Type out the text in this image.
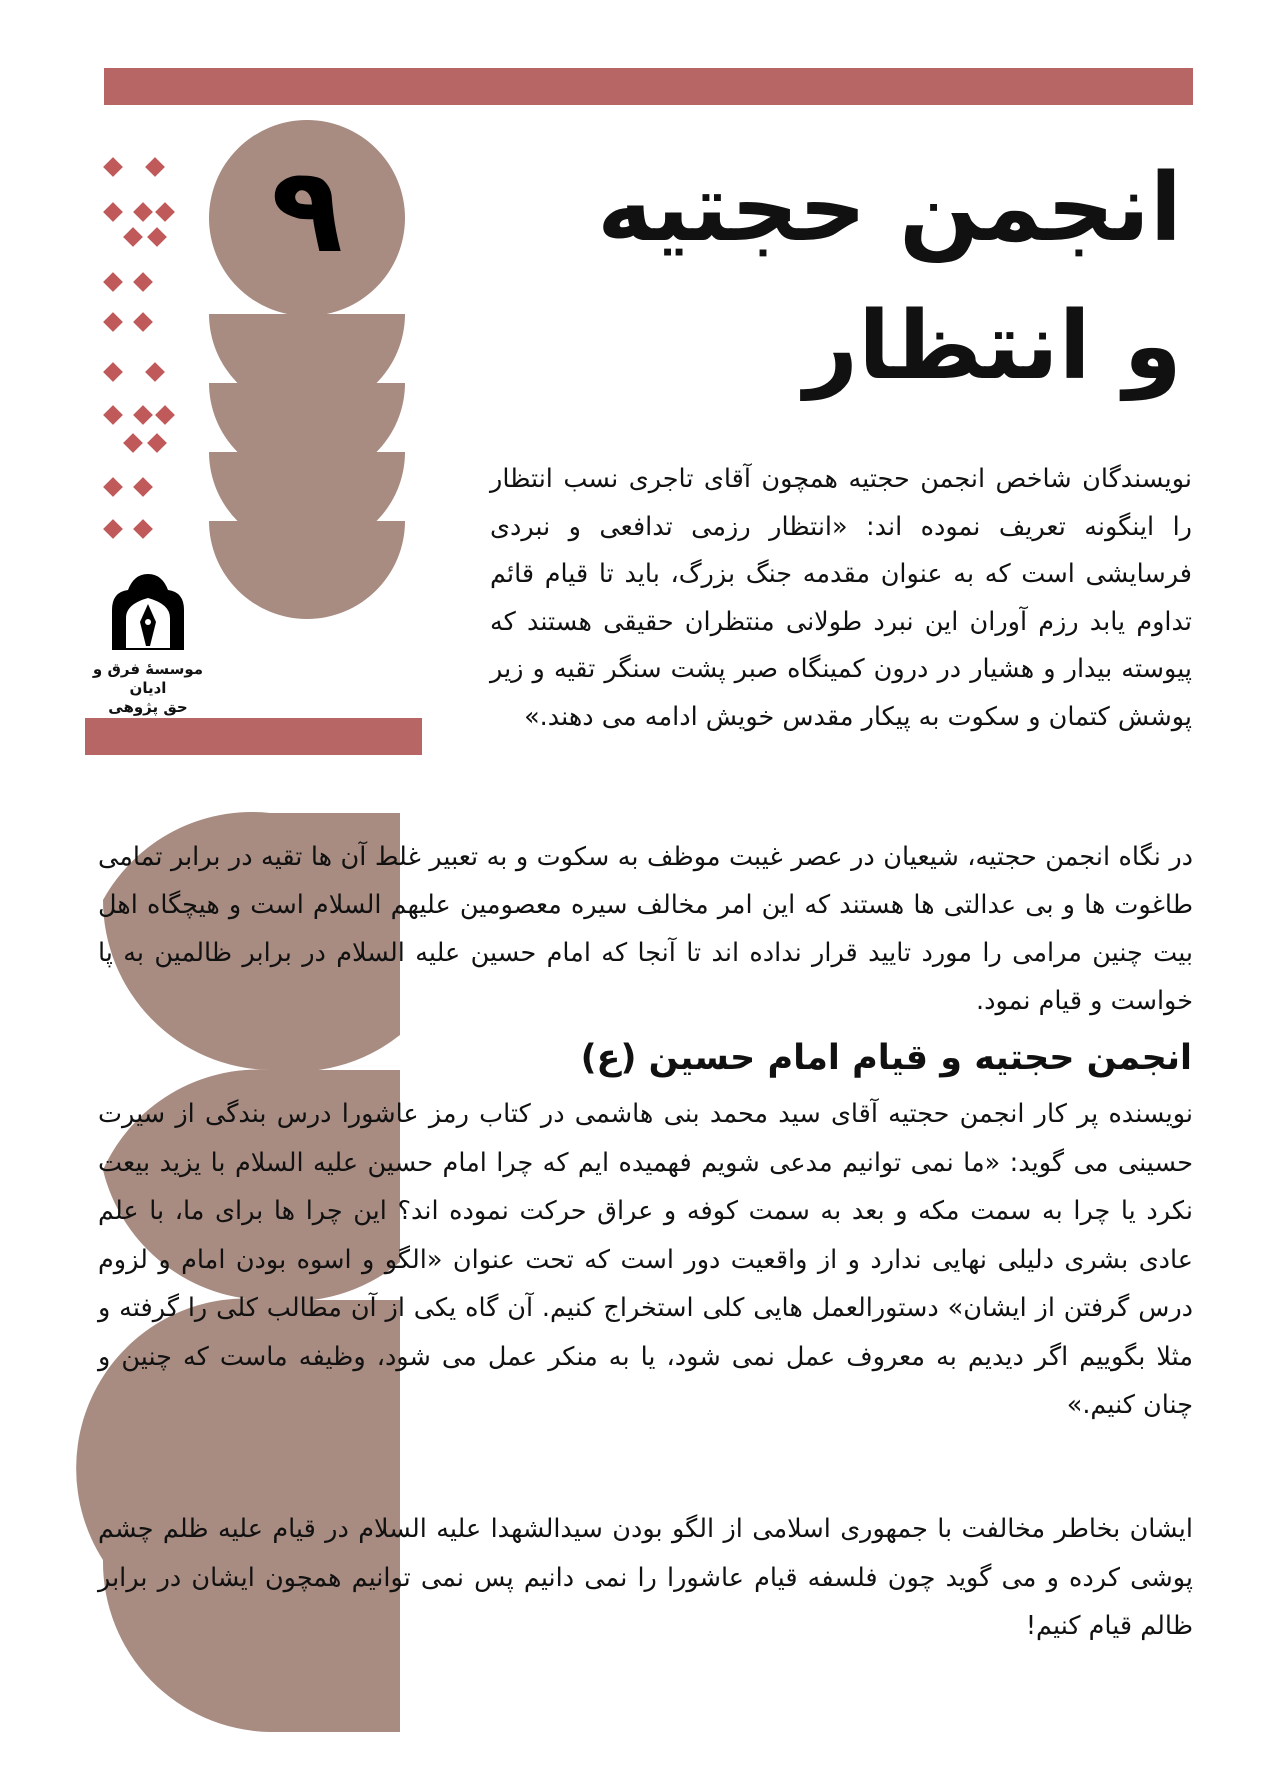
۹	انجمن حجتیه
و انتظار
موسسهٔ فرق و ادیان
حق پژوهی

نویسندگان شاخص انجمن حجتیه همچون آقای تاجری نسب انتظار را اینگونه تعریف نموده اند: «انتظار رزمی تدافعی و نبردی فرسایشی است که به عنوان مقدمه جنگ بزرگ، باید تا قیام قائم تداوم یابد رزم آوران این نبرد طولانی منتظران حقیقی هستند که پیوسته بیدار و هشیار در درون کمینگاه صبر پشت سنگر تقیه و زیر پوشش کتمان و سکوت به پیکار مقدس خویش ادامه می دهند.»

در نگاه انجمن حجتیه، شیعیان در عصر غیبت موظف به سکوت و به تعبیر غلط آن ها تقیه در برابر تمامی طاغوت ها و بی عدالتی ها هستند که این امر مخالف سیره معصومین علیهم السلام است و هیچگاه اهل بیت چنین مرامی را مورد تایید قرار نداده اند تا آنجا که امام حسین علیه السلام در برابر ظالمین به پا خواست و قیام نمود.

انجمن حجتیه و قیام امام حسین (ع)

نویسنده پر کار انجمن حجتیه آقای سید محمد بنی هاشمی در کتاب رمز عاشورا درس بندگی از سیرت حسینی می گوید: «ما نمی توانیم مدعی شویم فهمیده ایم که چرا امام حسین علیه السلام با یزید بیعت نکرد یا چرا به سمت مکه و بعد به سمت کوفه و عراق حرکت نموده اند؟ این چرا ها برای ما، با علم عادی بشری دلیلی نهایی ندارد و از واقعیت دور است که تحت عنوان «الگو و اسوه بودن امام و لزوم درس گرفتن از ایشان» دستورالعمل هایی کلی استخراج کنیم. آن گاه یکی از آن مطالب کلی را گرفته و مثلا بگوییم اگر دیدیم به معروف عمل نمی شود، یا به منکر عمل می شود، وظیفه ماست که چنین و چنان کنیم.»

ایشان بخاطر مخالفت با جمهوری اسلامی از الگو بودن سیدالشهدا علیه السلام در قیام علیه ظلم چشم پوشی کرده و می گوید چون فلسفه قیام عاشورا را نمی دانیم پس نمی توانیم همچون ایشان در برابر ظالم قیام کنیم!
